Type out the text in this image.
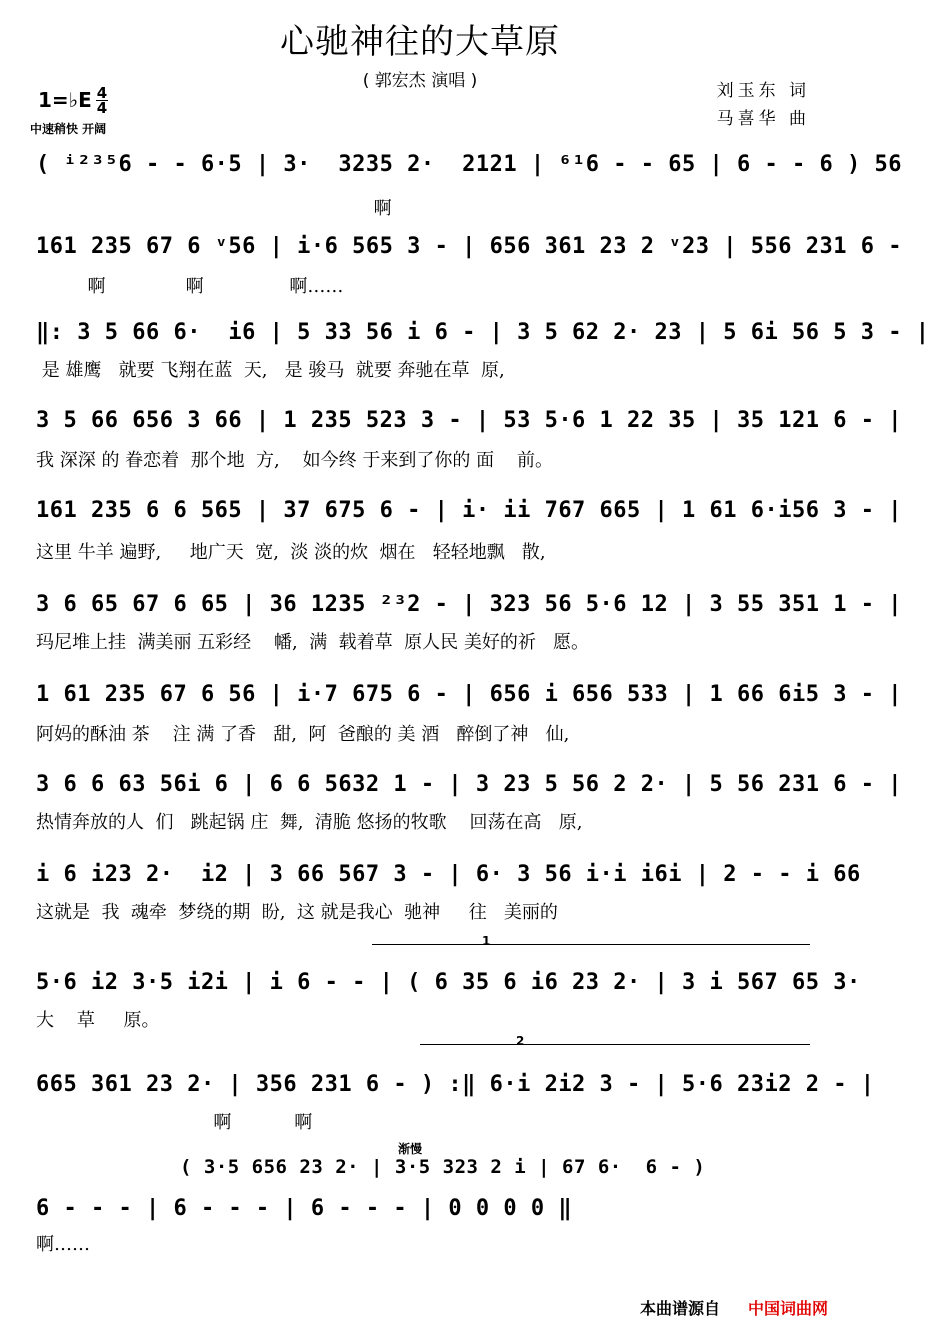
心驰神往的大草原
( 郭宏杰 演唱 )	刘玉东 词
马喜华 曲
1=♭E 4
4
中速稍快 开阔
( ⁱ²³⁵6 - - 6·5 | 3·  3235 2·  2121 | ⁶¹6 - - 65 | 6 - - 6 ) 56
啊
161 235 67 6 ᵛ56 | i·6 565 3 - | 656 361 23 2 ᵛ23 | 556 231 6 -
啊              啊               啊……
‖: 3 5 66 6·  i6 | 5 33 56 i 6 - | 3 5 62 2· 23 | 5 6i 56 5 3 - |
是 雄鹰   就要 飞翔在蓝  天,   是 骏马  就要 奔驰在草  原,
3 5 66 656 3 66 | 1 235 523 3 - | 53 5·6 1 22 35 | 35 121 6 - |
我 深深 的 眷恋着  那个地  方,    如今终 于来到了你的 面    前。
161 235 6 6 565 | 37 675 6 - | i· ii 767 665 | 1 61 6·i56 3 - |
这里 牛羊 遍野,     地广天  宽,  淡 淡的炊  烟在   轻轻地飘   散,
3 6 65 67 6 65 | 36 1235 ²³2 - | 323 56 5·6 12 | 3 55 351 1 - |
玛尼堆上挂  满美丽 五彩经    幡,  满  载着草  原人民 美好的祈   愿。
1 61 235 67 6 56 | i·7 675 6 - | 656 i 656 533 | 1 66 6i5 3 - |
阿妈的酥油 茶    注 满 了香   甜,  阿  爸酿的 美 酒   醉倒了神   仙,
3 6 6 63 56i 6 | 6 6 5632 1 - | 3 23 5 56 2 2· | 5 56 231 6 - |
热情奔放的人  们   跳起锅 庄  舞,  清脆 悠扬的牧歌    回荡在高   原,
i 6 i23 2·  i2 | 3 66 567 3 - | 6· 3 56 i·i i6i | 2 - - i 66
这就是  我  魂牵  梦绕的期  盼,  这 就是我心  驰神     往   美丽的
1
5·6 i2 3·5 i2i | i 6 - - | ( 6 35 6 i6 23 2· | 3 i 567 65 3·
大    草     原。
2
665 361 23 2· | 356 231 6 - ) :‖ 6·i 2i2 3 - | 5·6 23i2 2 - |
啊           啊
渐慢
( 3·5 656 23 2· | 3·5 323 2 i | 67 6·  6 - )
6 - - - | 6 - - - | 6 - - - | 0 0 0 0 ‖
啊……
本曲谱源自 中国词曲网
